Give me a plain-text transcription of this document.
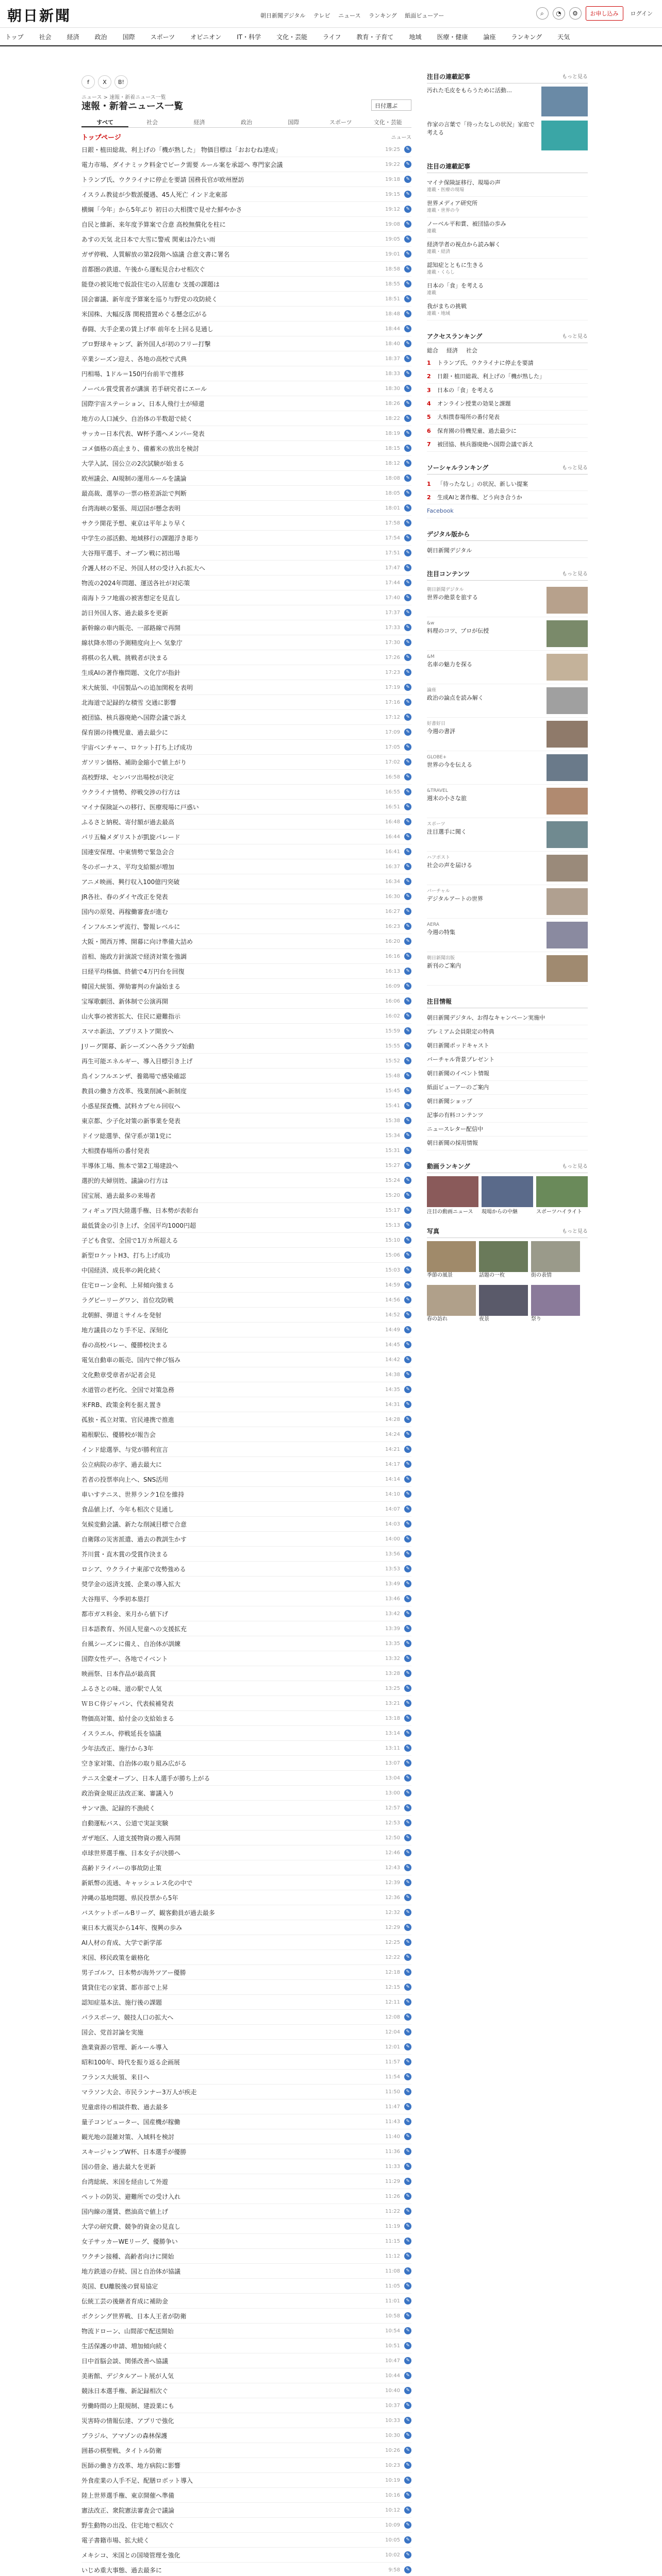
朝日新聞	朝日新聞デジタル テレビ ニュース ランキング 紙面ビューアー	⌕	◔	⚙	お申し込み	ログイン
トップ	社会	経済	政治	国際	スポーツ	オピニオン	IT・科学	文化・芸能	ライフ	教育・子育て	地域	医療・健康	論座	ランキング	天気
f	X	B!
ニュース > 速報・新着ニュース一覧
速報・新着ニュース一覧	日付選ぶ
すべて	社会	経済	政治	国際	スポーツ	文化・芸能
トップページ	ニュース
日銀・植田総裁、利上げの「機が熟した」 物価目標は「おおむね達成」	19:25	✎
電力市場、ダイナミック料金でピーク需要 ルール案を承認へ 専門家会議	19:22	✎
トランプ氏、ウクライナに停止を要請 国務長官が欧州歴訪	19:18	✎
イスラム教徒が少数派優遇、45人死亡 インド北東部	19:15	✎
横綱「今年」から5年ぶり 初日の大相撲で見せた鮮やかさ	19:12	✎
自民と維新、来年度予算案で合意 高校無償化を柱に	19:08	✎
あすの天気 北日本で大雪に警戒 関東は冷たい雨	19:05	✎
ガザ停戦、人質解放の第2段階へ協議 合意文書に署名	19:01	✎
首都圏の鉄道、午後から運転見合わせ相次ぐ	18:58	✎
能登の被災地で仮設住宅の入居進む 支援の課題は	18:55	✎
国会審議、新年度予算案を巡り与野党の攻防続く	18:51	✎
米国株、大幅反落 関税措置めぐる懸念広がる	18:48	✎
春闘、大手企業の賃上げ率 前年を上回る見通し	18:44	✎
プロ野球キャンプ、新外国人が初のフリー打撃	18:40	✎
卒業シーズン迎え、各地の高校で式典	18:37	✎
円相場、1ドル＝150円台前半で推移	18:33	✎
ノーベル賞受賞者が講演 若手研究者にエール	18:30	✎
国際宇宙ステーション、日本人飛行士が帰還	18:26	✎
地方の人口減少、自治体の半数超で続く	18:22	✎
サッカー日本代表、W杯予選へメンバー発表	18:19	✎
コメ価格の高止まり、備蓄米の放出を検討	18:15	✎
大学入試、国公立の2次試験が始まる	18:12	✎
欧州議会、AI規制の運用ルールを議論	18:08	✎
最高裁、選挙の一票の格差訴訟で判断	18:05	✎
台湾海峡の緊張、周辺国が懸念表明	18:01	✎
サクラ開花予想、東京は平年より早く	17:58	✎
中学生の部活動、地域移行の課題浮き彫り	17:54	✎
大谷翔平選手、オープン戦に初出場	17:51	✎
介護人材の不足、外国人材の受け入れ拡大へ	17:47	✎
物流の2024年問題、運送各社が対応策	17:44	✎
南海トラフ地震の被害想定を見直し	17:40	✎
訪日外国人客、過去最多を更新	17:37	✎
新幹線の車内販売、一部路線で再開	17:33	✎
線状降水帯の予測精度向上へ 気象庁	17:30	✎
将棋の名人戦、挑戦者が決まる	17:26	✎
生成AIの著作権問題、文化庁が指針	17:23	✎
米大統領、中国製品への追加関税を表明	17:19	✎
北海道で記録的な積雪 交通に影響	17:16	✎
被団協、核兵器廃絶へ国際会議で訴え	17:12	✎
保育園の待機児童、過去最少に	17:09	✎
宇宙ベンチャー、ロケット打ち上げ成功	17:05	✎
ガソリン価格、補助金縮小で値上がり	17:02	✎
高校野球、センバツ出場校が決定	16:58	✎
ウクライナ情勢、停戦交渉の行方は	16:55	✎
マイナ保険証への移行、医療現場に戸惑い	16:51	✎
ふるさと納税、寄付額が過去最高	16:48	✎
パリ五輪メダリストが凱旋パレード	16:44	✎
国連安保理、中東情勢で緊急会合	16:41	✎
冬のボーナス、平均支給額が増加	16:37	✎
アニメ映画、興行収入100億円突破	16:34	✎
JR各社、春のダイヤ改正を発表	16:30	✎
国内の原発、再稼働審査が進む	16:27	✎
インフルエンザ流行、警報レベルに	16:23	✎
大阪・関西万博、開幕に向け準備大詰め	16:20	✎
首相、施政方針演説で経済対策を強調	16:16	✎
日経平均株価、終値で4万円台を回復	16:13	✎
韓国大統領、弾劾審判の弁論始まる	16:09	✎
宝塚歌劇団、新体制で公演再開	16:06	✎
山火事の被害拡大、住民に避難指示	16:02	✎
スマホ新法、アプリストア開放へ	15:59	✎
Jリーグ開幕、新シーズンへ各クラブ始動	15:55	✎
再生可能エネルギー、導入目標引き上げ	15:52	✎
鳥インフルエンザ、養鶏場で感染確認	15:48	✎
教員の働き方改革、残業削減へ新制度	15:45	✎
小惑星探査機、試料カプセル回収へ	15:41	✎
東京都、少子化対策の新事業を発表	15:38	✎
ドイツ総選挙、保守系が第1党に	15:34	✎
大相撲春場所の番付発表	15:31	✎
半導体工場、熊本で第2工場建設へ	15:27	✎
選択的夫婦別姓、議論の行方は	15:24	✎
国宝展、過去最多の来場者	15:20	✎
フィギュア四大陸選手権、日本勢が表彰台	15:17	✎
最低賃金の引き上げ、全国平均1000円超	15:13	✎
子ども食堂、全国で1万カ所超える	15:10	✎
新型ロケットH3、打ち上げ成功	15:06	✎
中国経済、成長率の鈍化続く	15:03	✎
住宅ローン金利、上昇傾向強まる	14:59	✎
ラグビーリーグワン、首位攻防戦	14:56	✎
北朝鮮、弾道ミサイルを発射	14:52	✎
地方議員のなり手不足、深刻化	14:49	✎
春の高校バレー、優勝校決まる	14:45	✎
電気自動車の販売、国内で伸び悩み	14:42	✎
文化勲章受章者が記者会見	14:38	✎
水道管の老朽化、全国で対策急務	14:35	✎
米FRB、政策金利を据え置き	14:31	✎
孤独・孤立対策、官民連携で推進	14:28	✎
箱根駅伝、優勝校が報告会	14:24	✎
インド総選挙、与党が勝利宣言	14:21	✎
公立病院の赤字、過去最大に	14:17	✎
若者の投票率向上へ、SNS活用	14:14	✎
車いすテニス、世界ランク1位を維持	14:10	✎
食品値上げ、今年も相次ぐ見通し	14:07	✎
気候変動会議、新たな削減目標で合意	14:03	✎
自衛隊の災害派遣、過去の教訓生かす	14:00	✎
芥川賞・直木賞の受賞作決まる	13:56	✎
ロシア、ウクライナ東部で攻勢強める	13:53	✎
奨学金の返済支援、企業の導入拡大	13:49	✎
大谷翔平、今季初本塁打	13:46	✎
都市ガス料金、来月から値下げ	13:42	✎
日本語教育、外国人児童への支援拡充	13:39	✎
台風シーズンに備え、自治体が訓練	13:35	✎
国際女性デー、各地でイベント	13:32	✎
映画祭、日本作品が最高賞	13:28	✎
ふるさとの味、道の駅で人気	13:25	✎
ＷＢＣ侍ジャパン、代表候補発表	13:21	✎
物価高対策、給付金の支給始まる	13:18	✎
イスラエル、停戦延長を協議	13:14	✎
少年法改正、施行から3年	13:11	✎
空き家対策、自治体の取り組み広がる	13:07	✎
テニス全豪オープン、日本人選手が勝ち上がる	13:04	✎
政治資金規正法改正案、審議入り	13:00	✎
サンマ漁、記録的不漁続く	12:57	✎
自動運転バス、公道で実証実験	12:53	✎
ガザ地区、人道支援物資の搬入再開	12:50	✎
卓球世界選手権、日本女子が決勝へ	12:46	✎
高齢ドライバーの事故防止策	12:43	✎
新紙幣の流通、キャッシュレス化の中で	12:39	✎
沖縄の基地問題、県民投票から5年	12:36	✎
バスケットボールBリーグ、観客動員が過去最多	12:32	✎
東日本大震災から14年、復興の歩み	12:29	✎
AI人材の育成、大学で新学部	12:25	✎
米国、移民政策を厳格化	12:22	✎
男子ゴルフ、日本勢が海外ツアー優勝	12:18	✎
賃貸住宅の家賃、都市部で上昇	12:15	✎
認知症基本法、施行後の課題	12:11	✎
パラスポーツ、競技人口の拡大へ	12:08	✎
国会、党首討論を実施	12:04	✎
漁業資源の管理、新ルール導入	12:01	✎
昭和100年、時代を振り返る企画展	11:57	✎
フランス大統領、来日へ	11:54	✎
マラソン大会、市民ランナー3万人が疾走	11:50	✎
児童虐待の相談件数、過去最多	11:47	✎
量子コンピューター、国産機が稼働	11:43	✎
観光地の混雑対策、入域料を検討	11:40	✎
スキージャンプW杯、日本選手が優勝	11:36	✎
国の借金、過去最大を更新	11:33	✎
台湾総統、米国を経由して外遊	11:29	✎
ペットの防災、避難所での受け入れ	11:26	✎
国内線の運賃、燃油高で値上げ	11:22	✎
大学の研究費、競争的資金の見直し	11:19	✎
女子サッカーWEリーグ、優勝争い	11:15	✎
ワクチン接種、高齢者向けに開始	11:12	✎
地方鉄道の存続、国と自治体が協議	11:08	✎
英国、EU離脱後の貿易協定	11:05	✎
伝統工芸の後継者育成に補助金	11:01	✎
ボクシング世界戦、日本人王者が防衛	10:58	✎
物流ドローン、山間部で配送開始	10:54	✎
生活保護の申請、増加傾向続く	10:51	✎
日中首脳会談、関係改善へ協議	10:47	✎
美術館、デジタルアート展が人気	10:44	✎
競泳日本選手権、新記録相次ぐ	10:40	✎
労働時間の上限規制、建設業にも	10:37	✎
災害時の情報伝達、アプリで強化	10:33	✎
ブラジル、アマゾンの森林保護	10:30	✎
囲碁の棋聖戦、タイトル防衛	10:26	✎
医師の働き方改革、地方病院に影響	10:23	✎
外食産業の人手不足、配膳ロボット導入	10:19	✎
陸上世界選手権、東京開催へ準備	10:16	✎
憲法改正、衆院憲法審査会で議論	10:12	✎
野生動物の出没、住宅地で相次ぐ	10:09	✎
電子書籍市場、拡大続く	10:05	✎
メキシコ、米国との国境管理を強化	10:02	✎
いじめ重大事態、過去最多に	9:58	✎
注目の連載記事	もっと見る
汚れた毛皮をもらうために活動…
作家の言葉で「待ったなしの状況」家庭で考える
注目の連載記事
マイナ保険証移行、現場の声
連載・医療の現場
世界メディア研究所
連載・世界の今
ノーベル平和賞、被団協の歩み
連載
経済学者の視点から読み解く
連載・経済
認知症とともに生きる
連載・くらし
日本の「食」を考える
連載
我がまちの挑戦
連載・地域
アクセスランキング	もっと見る
総合 経済 社会
1	トランプ氏、ウクライナに停止を要請
2	日銀・植田総裁、利上げの「機が熟した」
3	日本の「食」を考える
4	オンライン授業の効果と課題
5	大相撲春場所の番付発表
6	保育園の待機児童、過去最少に
7	被団協、核兵器廃絶へ国際会議で訴え
ソーシャルランキング	もっと見る
1	「待ったなし」の状況、新しい提案
2	生成AIと著作権、どう向き合うか
Facebook
デジタル版から
朝日新聞デジタル
注目コンテンツ	もっと見る
朝日新聞デジタル
世界の絶景を旅する
&w
料理のコツ、プロが伝授
&M
名車の魅力を探る
論座
政治の論点を読み解く
好書好日
今週の書評
GLOBE+
世界の今を伝える
&TRAVEL
週末の小さな旅
スポーツ
注目選手に聞く
ハフポスト
社会の声を届ける
バーチャル
デジタルアートの世界
AERA
今週の特集
朝日新聞出版
新刊のご案内
注目情報
朝日新聞デジタル、お得なキャンペーン実施中
プレミアム会員限定の特典
朝日新聞ポッドキャスト
バーチャル背景プレゼント
朝日新聞のイベント情報
紙面ビューアーのご案内
朝日新聞ショップ
記事の有料コンテンツ
ニュースレター配信中
朝日新聞の採用情報
動画ランキング	もっと見る

注目の動画ニュース	現場からの中継	スポーツハイライト

写真	もっと見る

季節の風景	話題の一枚	街の表情

春の訪れ	夜景	祭り
